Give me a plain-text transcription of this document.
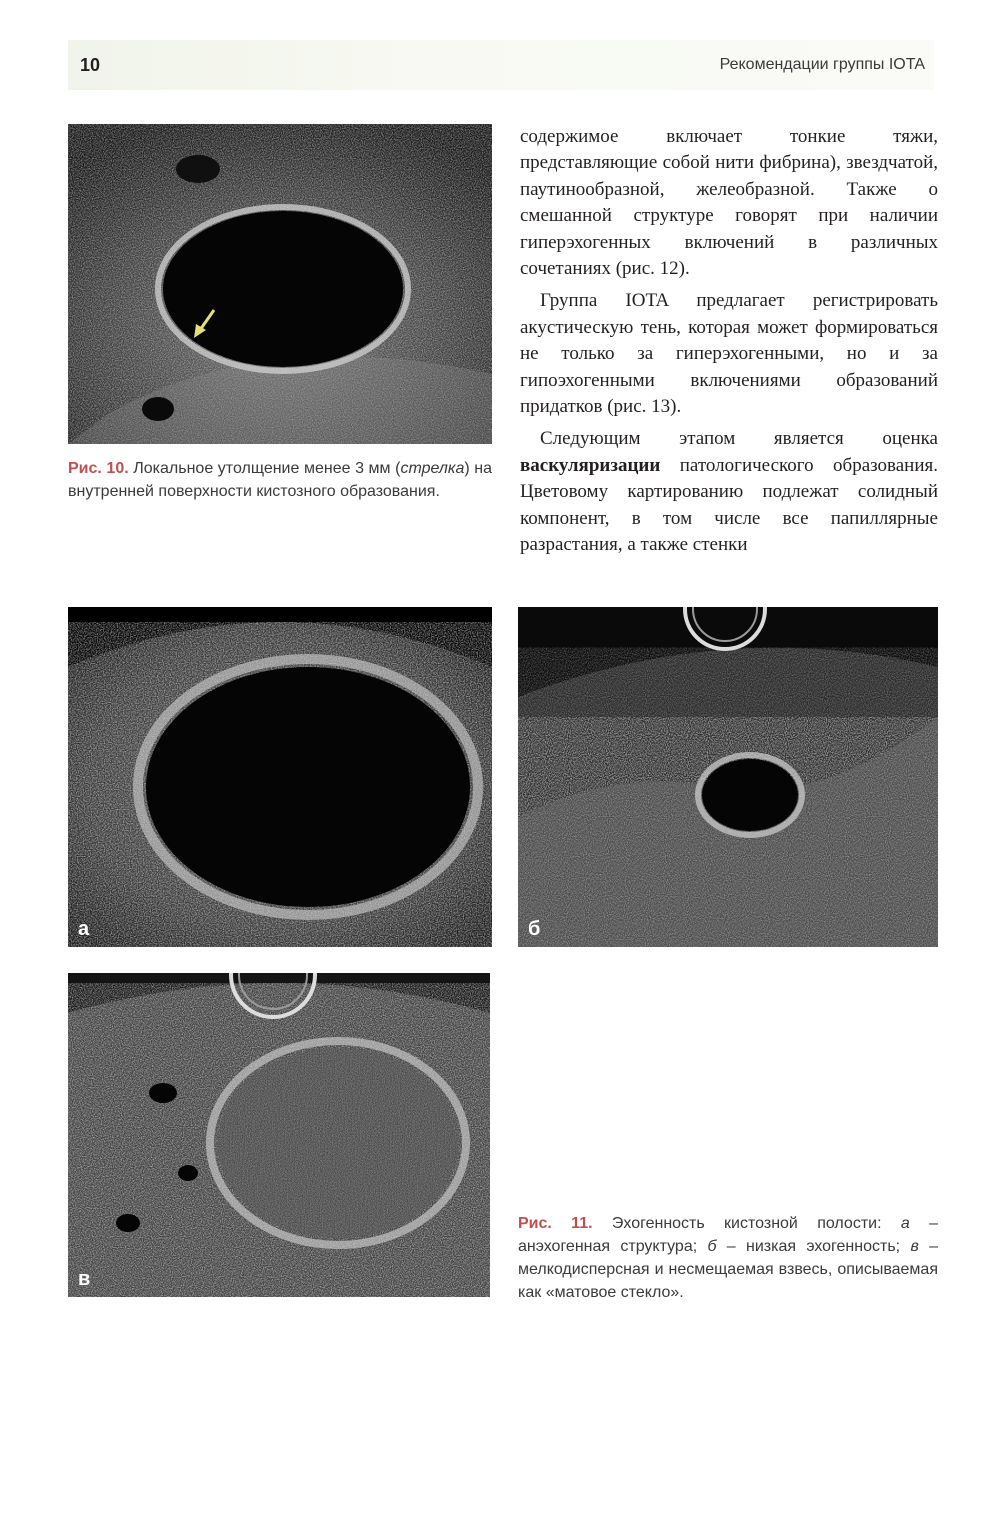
10	Рекомендации группы IOTA
Рис. 10. Локальное утолщение менее 3 мм (стрелка) на внутренней поверхности кистозного образования.

содержимое включает тонкие тяжи, представляющие собой нити фибрина), звездчатой, паутинообразной, желеобразной. Также о смешанной структуре говорят при наличии гиперэхогенных включений в различных сочетаниях (рис. 12).

Группа IOTA предлагает регистрировать акустическую тень, которая может формироваться не только за гиперэхогенными, но и за гипоэхогенными включениями образований придатков (рис. 13).

Следующим этапом является оценка васкуляризации патологического образования. Цветовому картированию подлежат солидный компонент, в том числе все папиллярные разрастания, а также стенки

а	б
в
Рис. 11. Эхогенность кистозной полости: а – анэхогенная структура; б – низкая эхогенность; в – мелкодисперсная и несмещаемая взвесь, описываемая как «матовое стекло».
